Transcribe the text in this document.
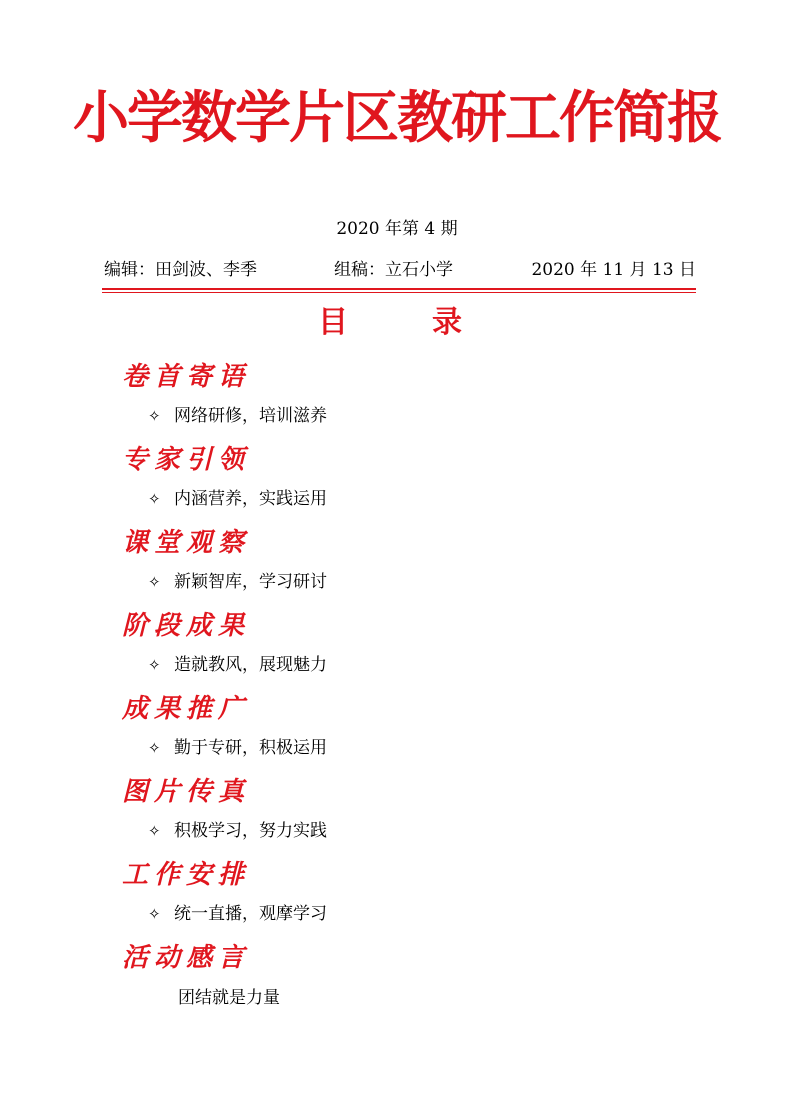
小学数学片区教研工作简报
2020 年第 4 期
编辑：田剑波、李季	组稿：立石小学	2020 年 11 月 13 日
目	录
卷首寄语
✧ 网络研修，培训滋养
专家引领
✧ 内涵营养，实践运用
课堂观察
✧ 新颖智库，学习研讨
阶段成果
✧ 造就教风，展现魅力
成果推广
✧ 勤于专研，积极运用
图片传真
✧ 积极学习，努力实践
工作安排
✧ 统一直播，观摩学习
活动感言
团结就是力量
